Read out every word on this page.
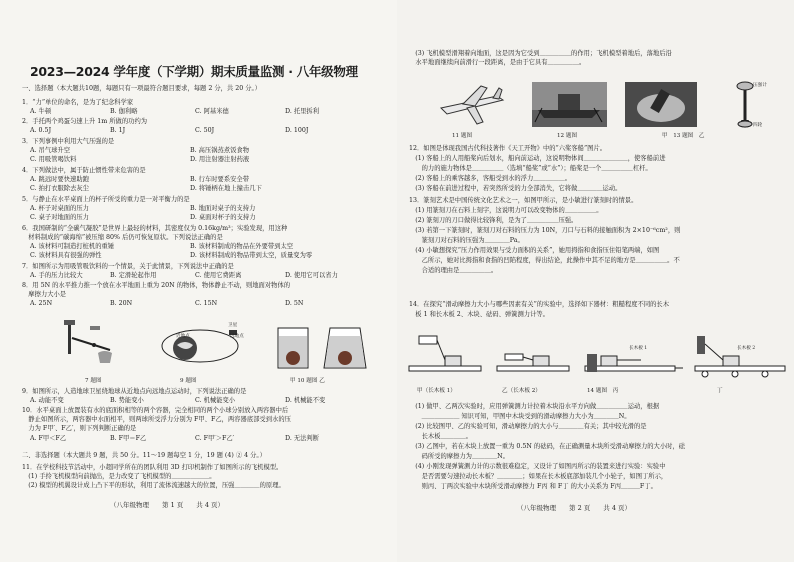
2023—2024 学年度（下学期）期末质量监测 · 八年级物理
一、选择题（本大题共10题，每题只有一项最符合题目要求，每题 2 分，共 20 分。）
1．“力”单位的命名，是为了纪念科学家
A. 牛顿	B. 伽利略	C. 阿基米德	D. 托里拆利
2．手托两个鸡蛋匀速上升 1m 所做的功约为
A. 0.5J	B. 1J	C. 50J	D. 100J
3．下列事例中利用大气压强的是
A. 吊气球升空	B. 高压锅蒸煮饭食物
C. 用吸管喝饮料	D. 用注射器注射药液
4．下列做法中，属于防止惯性带来危害的是
A. 跳远时要快速助跑	B. 行车时要系安全带
C. 拍打衣服除去灰尘	D. 将锤柄在地上撞击几下
5．与静止在水平桌面上的杯子所受的重力是一对平衡力的是
A. 杯子对桌面的压力	B. 地面对桌子的支持力
C. 桌子对地面的压力	D. 桌面对杯子的支持力
6．我国研制的“全碳气凝胶”是世界上最轻的材料，其密度仅为 0.16kg/m³；实验发现，用这种
　材料制成的“碳海绵”被压缩 80% 后仍可恢复原状。下列说法正确的是
A. 该材料可制造打桩机的重锤	B. 该材料制成的物品在外要带到太空
C. 该材料具有很强的弹性	D. 该材料制成的物品带到太空，质量变为零
7．如图所示为用吸管吸饮料的一个情景，关于此情景，下列说法中正确的是
A. 手的压力比较大	B. 定滑轮起作用	C. 使用它费距离	D. 使用它可以省力
8．用 5N 的水平推力推一个放在水平地面上重为 20N 的物体，物体静止不动，则地面对物体的
　摩擦力大小是
A. 25N	B. 20N	C. 15N	D. 5N
近地点	远地点
卫星
7 题图	9 题图	甲 10 题图 乙
9．如图所示，人造地球卫星绕地球从近地点向远地点运动时，下列说法正确的是
A. 动能不变	B. 势能变小	C. 机械能变小	D. 机械能不变
10．水平桌面上放置装有水的底面积相等的两个容器，完全相同的两个小球分别放入两容器中后
　静止如图所示，两容器中水面相平，则两球所受浮力分别为 F甲、F乙，两容器底部受到水的压
　力为 F甲′、F乙′，则下列判断正确的是
A. F甲＜F乙	B. F甲＝F乙	C. F甲′＞F乙′	D. 无法判断
二、非选择题（本大题共 9 题，共 50 分。11～19 题每空 1 分，19 题 (4) ② 4 分。）
11．在学校科技节活动中，小超同学所在的团队利用 3D 打印机制作了如图所示的飞机模型。
　(1) 手拎飞机模型向前抛出，是力改变了飞机模型的＿＿＿＿＿＿。
　(2) 模型的机翼设计成上凸下平的形状，利用了流体流速越大的位置，压强＿＿＿＿的原理。
（八年级物理　　第 1 页　　共 4 页）
　(3) 飞机模型滑翔着向地面，这是因为它受到＿＿＿＿＿的作用；飞机模型着地后，落地后沿
　水平地面继续向前滑行一段距离，是由于它具有＿＿＿＿＿。
压强计
四轮
11 题图	12 题图	甲　13 题图　乙
12．如图是体现我国古代科技著作《天工开物》中的“六桨客船”图片。
　(1) 客船上的人用船桨向后划水，船向前运动，这说明物体间＿＿＿＿＿＿＿，使客船前进
　　的力的施力物体是＿＿＿＿＿（选填“船桨”或“水”）；船桨是一个＿＿＿＿＿杠杆。
　(2) 客船上的乘客越多，客船受到水的浮力＿＿＿＿＿。
　(3) 客船在前进过程中，若突然所受的力全部消失，它将做＿＿＿＿运动。
13．篆刻艺术是中国传统文化艺术之一，如图甲所示，是小敏进行篆刻时的情景。
　(1) 用篆刻刀在石料上刻字，这说明力可以改变物体的＿＿＿＿＿。
　(2) 篆刻刀的刀口做得比较锋利，是为了＿＿＿＿＿压强。
　(3) 若第一下篆刻时，篆刻刀对石料的压力为 10N，刀口与石料的接触面积为 2×10⁻⁶cm²，则
　　篆刻刀对石料的压强为＿＿＿＿Pa。
　(4) 小敏想探究“压力作用效果与受力面积的关系”，她用拇指和食指压住铅笔两端，如图
　　乙所示，她对比拇指和食指的凹陷程度，得出结论，此操作中其不足的地方是＿＿＿＿＿。不
　　合适的理由是＿＿＿＿＿。
14．在探究“滑动摩擦力大小与哪些因素有关”的实验中，选择如下器材：粗糙程度不同的长木
　板 1 和长木板 2、木块、砝码、弹簧测力计等。
长木板 1	长木板 2
甲（长木板 1）	乙（长木板 2）	14 题图　丙	丁
　(1) 做甲、乙两次实验时，应用弹簧测力计拉着木块沿水平方向做＿＿＿＿＿运动，根据
　　＿＿＿＿＿＿ 知识可知，甲图中木块受到的滑动摩擦力大小为＿＿＿＿N。
　(2) 比较图甲、乙的实验可知，滑动摩擦力的大小与＿＿＿＿有关；其中较光滑的是
　　长木板＿＿＿＿。
　(3) 乙图中，若在木块上放置一重为 0.5N 的砝码，在正确测量木块所受滑动摩擦力的大小时，砝
　　码所受的摩擦力为＿＿＿＿N。
　(4) 小刚发现弹簧测力计的示数很难稳定，又设计了如图丙所示的装置来进行实验：实验中
　　是否需要匀速拉动长木板？＿＿＿＿；如果在长木板底部加装几个小轮子，如图丁所示，
　　则丙、丁两次实验中木块所受滑动摩擦力 F丙 和 F丁 的大小关系为 F丙＿＿＿F丁。
（八年级物理　　第 2 页　　共 4 页）
